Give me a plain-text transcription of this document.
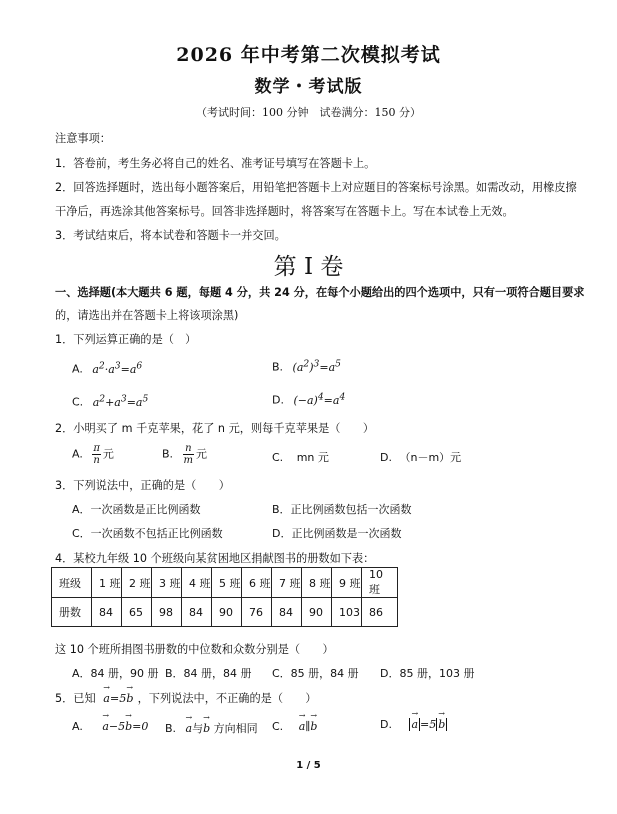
2026 年中考第二次模拟考试
数学・考试版
（考试时间：100 分钟　试卷满分：150 分）
注意事项：
1．答卷前，考生务必将自己的姓名、准考证号填写在答题卡上。
2．回答选择题时，选出每小题答案后，用铅笔把答题卡上对应题目的答案标号涂黑。如需改动，用橡皮擦
干净后，再选涂其他答案标号。回答非选择题时，将答案写在答题卡上。写在本试卷上无效。
3．考试结束后，将本试卷和答题卡一并交回。
第 I 卷
一、选择题(本大题共 6 题，每题 4 分，共 24 分，在每个小题给出的四个选项中，只有一项符合题目要求
的，请选出并在答题卡上将该项涂黑)
1．下列运算正确的是（　）
A. $a^2\cdot a^3=a^6$	B. $(a^2)^3=a^5$
C. $a^2+a^3=a^5$	D. $(-a)^4=a^4$
2．小明买了 m 千克苹果，花了 n 元，则每千克苹果是（　　）
A. $\frac{\pi}{n}$ 元	B. $\frac{n}{m}$ 元	C. mn 元	D. （n－m）元
3．下列说法中，正确的是（　　）
A．一次函数是正比例函数	B．正比例函数包括一次函数
C．一次函数不包括正比例函数	D．正比例函数是一次函数
4．某校九年级 10 个班级向某贫困地区捐献图书的册数如下表：
班级	1 班	2 班	3 班	4 班	5 班	6 班	7 班	8 班	9 班	10 班
册数	84	65	98	84	90	76	84	90	103	86
这 10 个班所捐图书册数的中位数和众数分别是（　　）
A．84 册，90 册 B．84 册，84 册 C．85 册，84 册 D．85 册，103 册
5．已知 → a=5→ b ，下列说法中，不正确的是（　　）
A. → a−5→ b=0 B. → a与→ b 方向相同 C. → a∥→ b	D. → a =5 → b
1 / 5
